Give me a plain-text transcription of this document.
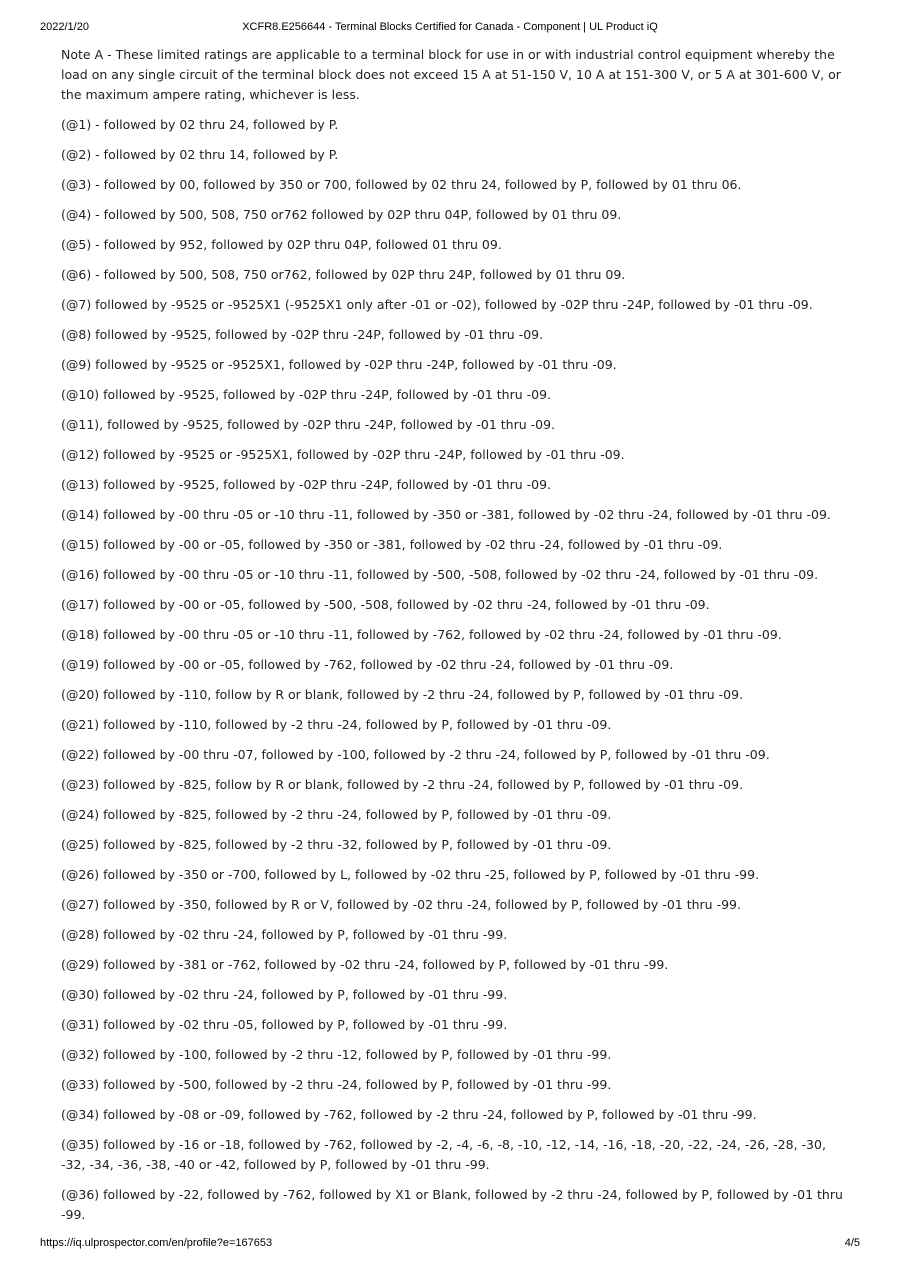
2022/1/20	XCFR8.E256644 - Terminal Blocks Certified for Canada - Component | UL Product iQ

Note A - These limited ratings are applicable to a terminal block for use in or with industrial control equipment whereby the load on any single circuit of the terminal block does not exceed 15 A at 51-150 V, 10 A at 151-300 V, or 5 A at 301-600 V, or the maximum ampere rating, whichever is less.

(@1) - followed by 02 thru 24, followed by P.

(@2) - followed by 02 thru 14, followed by P.

(@3) - followed by 00, followed by 350 or 700, followed by 02 thru 24, followed by P, followed by 01 thru 06.

(@4) - followed by 500, 508, 750 or762 followed by 02P thru 04P, followed by 01 thru 09.

(@5) - followed by 952, followed by 02P thru 04P, followed 01 thru 09.

(@6) - followed by 500, 508, 750 or762, followed by 02P thru 24P, followed by 01 thru 09.

(@7) followed by -9525 or -9525X1 (-9525X1 only after -01 or -02), followed by -02P thru -24P, followed by -01 thru -09.

(@8) followed by -9525, followed by -02P thru -24P, followed by -01 thru -09.

(@9) followed by -9525 or -9525X1, followed by -02P thru -24P, followed by -01 thru -09.

(@10) followed by -9525, followed by -02P thru -24P, followed by -01 thru -09.

(@11), followed by -9525, followed by -02P thru -24P, followed by -01 thru -09.

(@12) followed by -9525 or -9525X1, followed by -02P thru -24P, followed by -01 thru -09.

(@13) followed by -9525, followed by -02P thru -24P, followed by -01 thru -09.

(@14) followed by -00 thru -05 or -10 thru -11, followed by -350 or -381, followed by -02 thru -24, followed by -01 thru -09.

(@15) followed by -00 or -05, followed by -350 or -381, followed by -02 thru -24, followed by -01 thru -09.

(@16) followed by -00 thru -05 or -10 thru -11, followed by -500, -508, followed by -02 thru -24, followed by -01 thru -09.

(@17) followed by -00 or -05, followed by -500, -508, followed by -02 thru -24, followed by -01 thru -09.

(@18) followed by -00 thru -05 or -10 thru -11, followed by -762, followed by -02 thru -24, followed by -01 thru -09.

(@19) followed by -00 or -05, followed by -762, followed by -02 thru -24, followed by -01 thru -09.

(@20) followed by -110, follow by R or blank, followed by -2 thru -24, followed by P, followed by -01 thru -09.

(@21) followed by -110, followed by -2 thru -24, followed by P, followed by -01 thru -09.

(@22) followed by -00 thru -07, followed by -100, followed by -2 thru -24, followed by P, followed by -01 thru -09.

(@23) followed by -825, follow by R or blank, followed by -2 thru -24, followed by P, followed by -01 thru -09.

(@24) followed by -825, followed by -2 thru -24, followed by P, followed by -01 thru -09.

(@25) followed by -825, followed by -2 thru -32, followed by P, followed by -01 thru -09.

(@26) followed by -350 or -700, followed by L, followed by -02 thru -25, followed by P, followed by -01 thru -99.

(@27) followed by -350, followed by R or V, followed by -02 thru -24, followed by P, followed by -01 thru -99.

(@28) followed by -02 thru -24, followed by P, followed by -01 thru -99.

(@29) followed by -381 or -762, followed by -02 thru -24, followed by P, followed by -01 thru -99.

(@30) followed by -02 thru -24, followed by P, followed by -01 thru -99.

(@31) followed by -02 thru -05, followed by P, followed by -01 thru -99.

(@32) followed by -100, followed by -2 thru -12, followed by P, followed by -01 thru -99.

(@33) followed by -500, followed by -2 thru -24, followed by P, followed by -01 thru -99.

(@34) followed by -08 or -09, followed by -762, followed by -2 thru -24, followed by P, followed by -01 thru -99.

(@35) followed by -16 or -18, followed by -762, followed by -2, -4, -6, -8, -10, -12, -14, -16, -18, -20, -22, -24, -26, -28, -30, -32, -34, -36, -38, -40 or -42, followed by P, followed by -01 thru -99.

(@36) followed by -22, followed by -762, followed by X1 or Blank, followed by -2 thru -24, followed by P, followed by -01 thru -99.

https://iq.ulprospector.com/en/profile?e=167653	4/5
